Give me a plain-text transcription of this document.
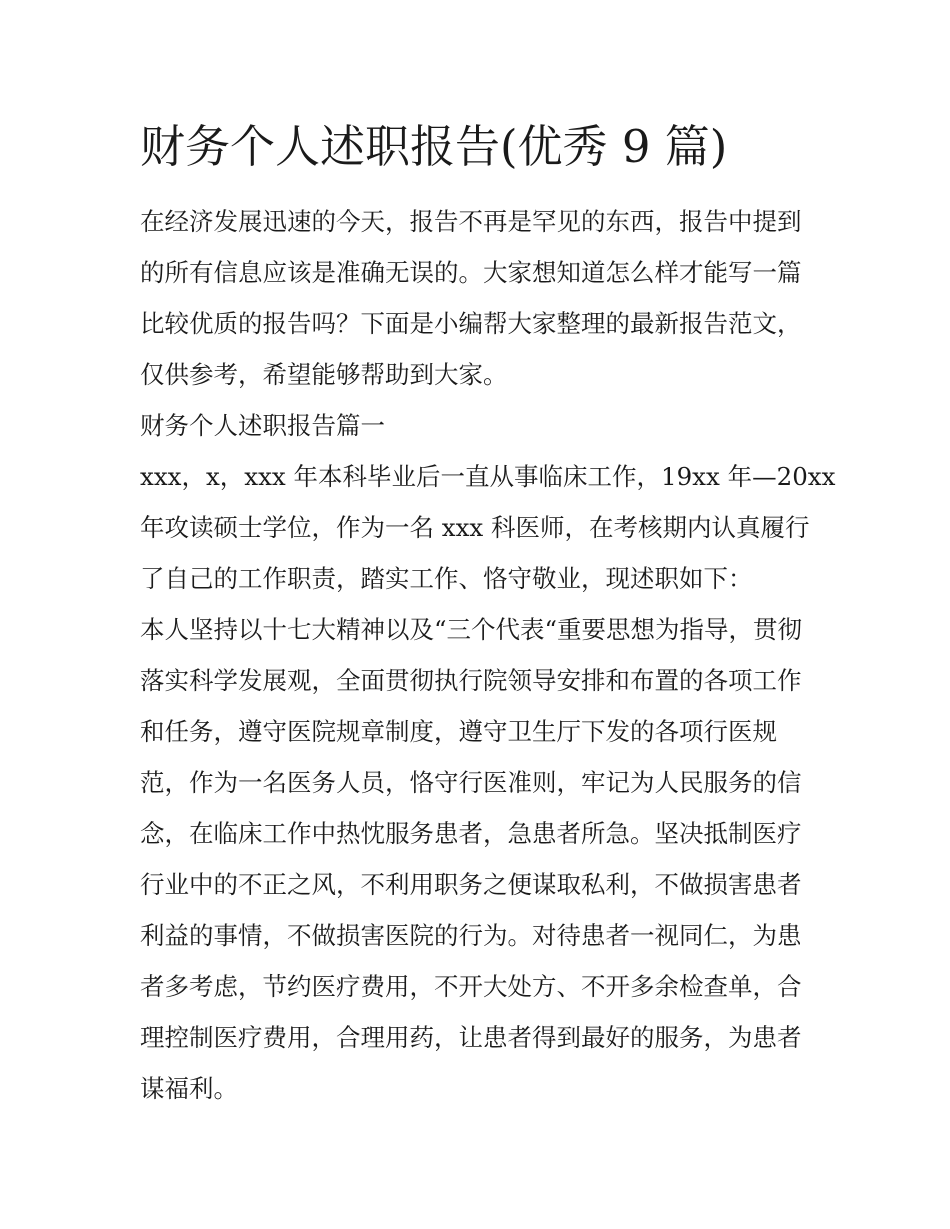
财务个人述职报告(优秀 9 篇)

在经济发展迅速的今天，报告不再是罕见的东西，报告中提到

的所有信息应该是准确无误的。大家想知道怎么样才能写一篇

比较优质的报告吗？下面是小编帮大家整理的最新报告范文，

仅供参考，希望能够帮助到大家。

财务个人述职报告篇一

xxx，x，xxx 年本科毕业后一直从事临床工作，19xx 年—20xx

年攻读硕士学位，作为一名 xxx 科医师，在考核期内认真履行

了自己的工作职责，踏实工作、恪守敬业，现述职如下：

本人坚持以十七大精神以及“三个代表“重要思想为指导，贯彻

落实科学发展观，全面贯彻执行院领导安排和布置的各项工作

和任务，遵守医院规章制度，遵守卫生厅下发的各项行医规

范，作为一名医务人员，恪守行医准则，牢记为人民服务的信

念，在临床工作中热忱服务患者，急患者所急。坚决抵制医疗

行业中的不正之风，不利用职务之便谋取私利，不做损害患者

利益的事情，不做损害医院的行为。对待患者一视同仁，为患

者多考虑，节约医疗费用，不开大处方、不开多余检查单，合

理控制医疗费用，合理用药，让患者得到最好的服务，为患者

谋福利。
